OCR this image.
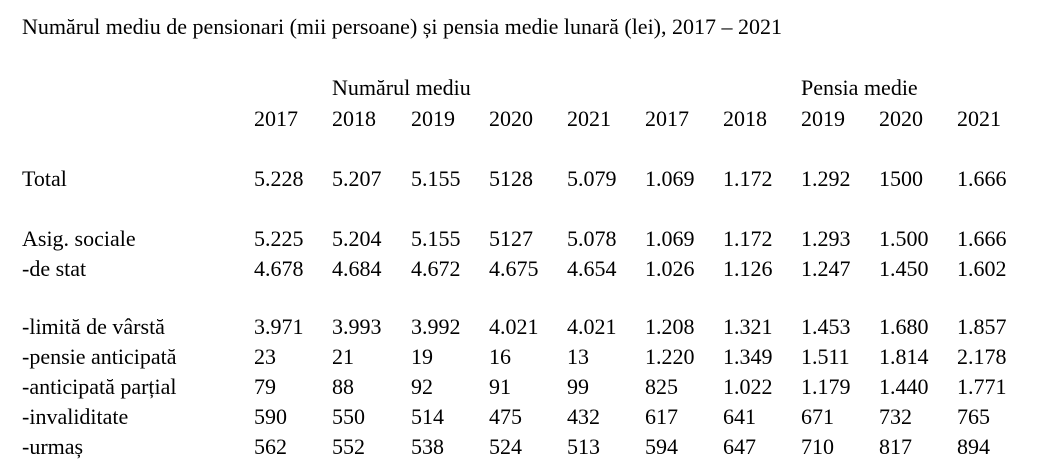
Numărul mediu de pensionari (mii persoane) și pensia medie lunară (lei), 2017 – 2021
Numărul mediu	Pensia medie
2017 2018 2019 2020 2021 2017 2018 2019 2020 2021
Total	5.228 5.207 5.155 5128 5.079 1.069 1.172 1.292 1500 1.666
Asig. sociale	5.225 5.204 5.155 5127 5.078 1.069 1.172 1.293 1.500 1.666
-de stat	4.678 4.684 4.672 4.675 4.654 1.026 1.126 1.247 1.450 1.602
-limită de vârstă	3.971 3.993 3.992 4.021 4.021 1.208 1.321 1.453 1.680 1.857
-pensie anticipată	23	21	19	16	13	1.220 1.349 1.511 1.814 2.178
-anticipată parțial	79	88	92	91	99	825 1.022 1.179 1.440 1.771
-invaliditate	590 550 514 475 432 617 641 671 732 765
-urmaș	562 552 538 524 513 594 647 710 817 894
